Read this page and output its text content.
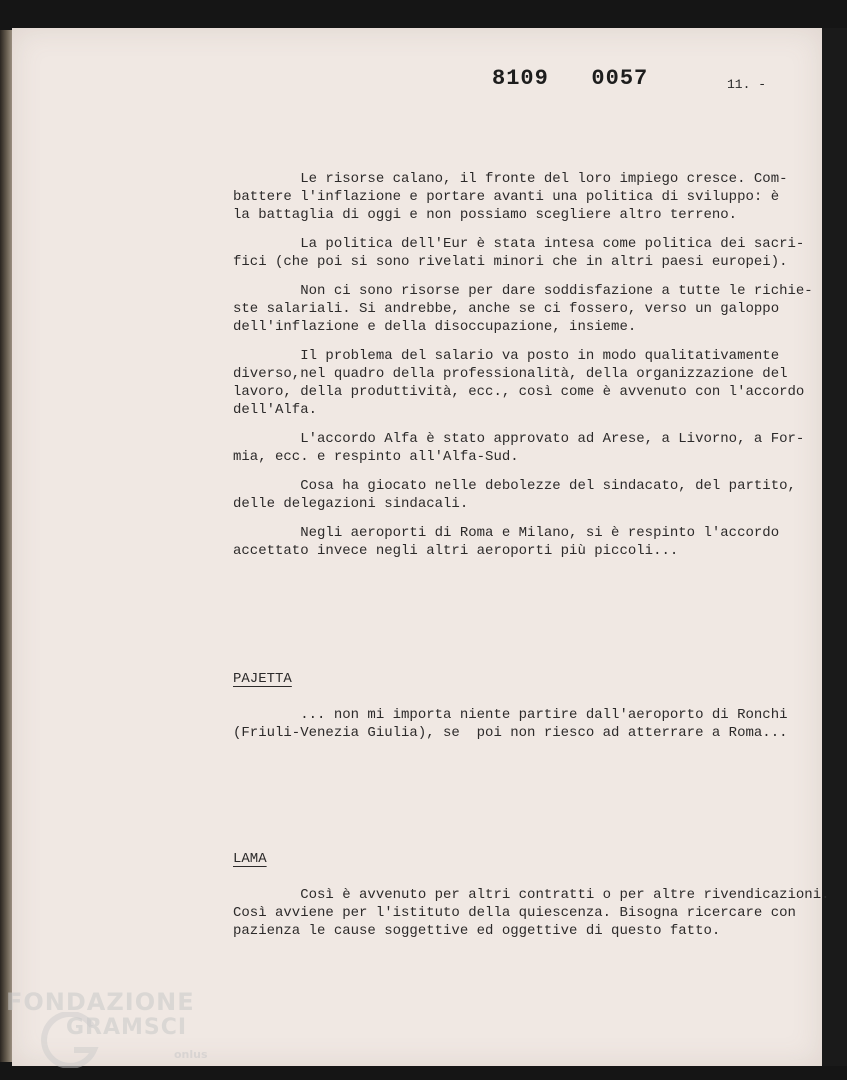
8109   0057	11. -
Le risorse calano, il fronte del loro impiego cresce. Com-
battere l'inflazione e portare avanti una politica di sviluppo: è
la battaglia di oggi e non possiamo scegliere altro terreno.
La politica dell'Eur è stata intesa come politica dei sacri-
fici (che poi si sono rivelati minori che in altri paesi europei).
Non ci sono risorse per dare soddisfazione a tutte le richie-
ste salariali. Si andrebbe, anche se ci fossero, verso un galoppo
dell'inflazione e della disoccupazione, insieme.
Il problema del salario va posto in modo qualitativamente
diverso,nel quadro della professionalità, della organizzazione del
lavoro, della produttività, ecc., così come è avvenuto con l'accordo
dell'Alfa.
L'accordo Alfa è stato approvato ad Arese, a Livorno, a For-
mia, ecc. e respinto all'Alfa-Sud.
Cosa ha giocato nelle debolezze del sindacato, del partito,
delle delegazioni sindacali.
Negli aeroporti di Roma e Milano, si è respinto l'accordo
accettato invece negli altri aeroporti più piccoli...
PAJETTA
... non mi importa niente partire dall'aeroporto di Ronchi
(Friuli-Venezia Giulia), se  poi non riesco ad atterrare a Roma...
LAMA
Così è avvenuto per altri contratti o per altre rivendicazioni.
Così avviene per l'istituto della quiescenza. Bisogna ricercare con
pazienza le cause soggettive ed oggettive di questo fatto.
FONDAZIONE
GRAMSCI
onlus
